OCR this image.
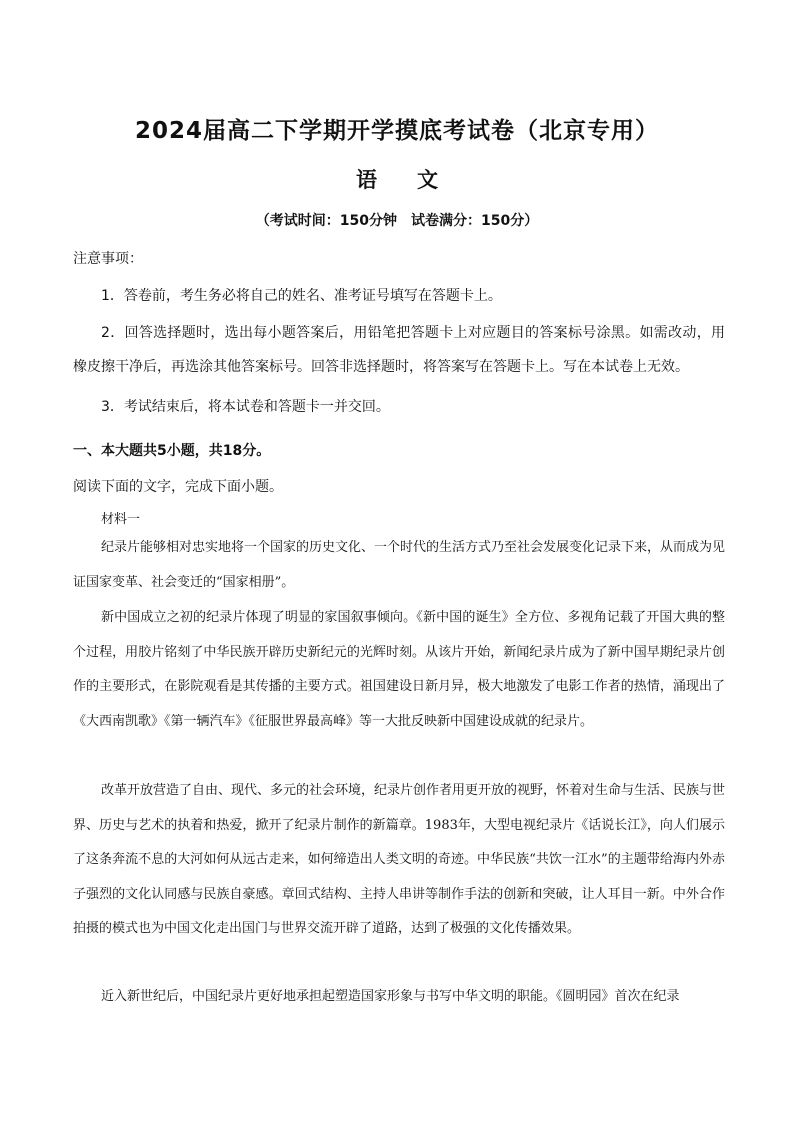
2024届高二下学期开学摸底考试卷（北京专用）
语文
（考试时间：150分钟　试卷满分：150分）
注意事项：
1．答卷前，考生务必将自己的姓名、准考证号填写在答题卡上。
2．回答选择题时，选出每小题答案后，用铅笔把答题卡上对应题目的答案标号涂黑。如需改动，用橡皮擦干净后，再选涂其他答案标号。回答非选择题时，将答案写在答题卡上。写在本试卷上无效。
3．考试结束后，将本试卷和答题卡一并交回。
一、本大题共5小题，共18分。
阅读下面的文字，完成下面小题。
材料一
纪录片能够相对忠实地将一个国家的历史文化、一个时代的生活方式乃至社会发展变化记录下来，从而成为见证国家变革、社会变迁的“国家相册”。
新中国成立之初的纪录片体现了明显的家国叙事倾向。《新中国的诞生》全方位、多视角记载了开国大典的整个过程，用胶片铭刻了中华民族开辟历史新纪元的光辉时刻。从该片开始，新闻纪录片成为了新中国早期纪录片创作的主要形式，在影院观看是其传播的主要方式。祖国建设日新月异，极大地激发了电影工作者的热情，涌现出了《大西南凯歌》《第一辆汽车》《征服世界最高峰》等一大批反映新中国建设成就的纪录片。
改革开放营造了自由、现代、多元的社会环境，纪录片创作者用更开放的视野，怀着对生命与生活、民族与世界、历史与艺术的执着和热爱，掀开了纪录片制作的新篇章。1983年，大型电视纪录片《话说长江》，向人们展示了这条奔流不息的大河如何从远古走来，如何缔造出人类文明的奇迹。中华民族“共饮一江水”的主题带给海内外赤子强烈的文化认同感与民族自豪感。章回式结构、主持人串讲等制作手法的创新和突破，让人耳目一新。中外合作拍摄的模式也为中国文化走出国门与世界交流开辟了道路，达到了极强的文化传播效果。
近入新世纪后，中国纪录片更好地承担起塑造国家形象与书写中华文明的职能。《圆明园》首次在纪录
